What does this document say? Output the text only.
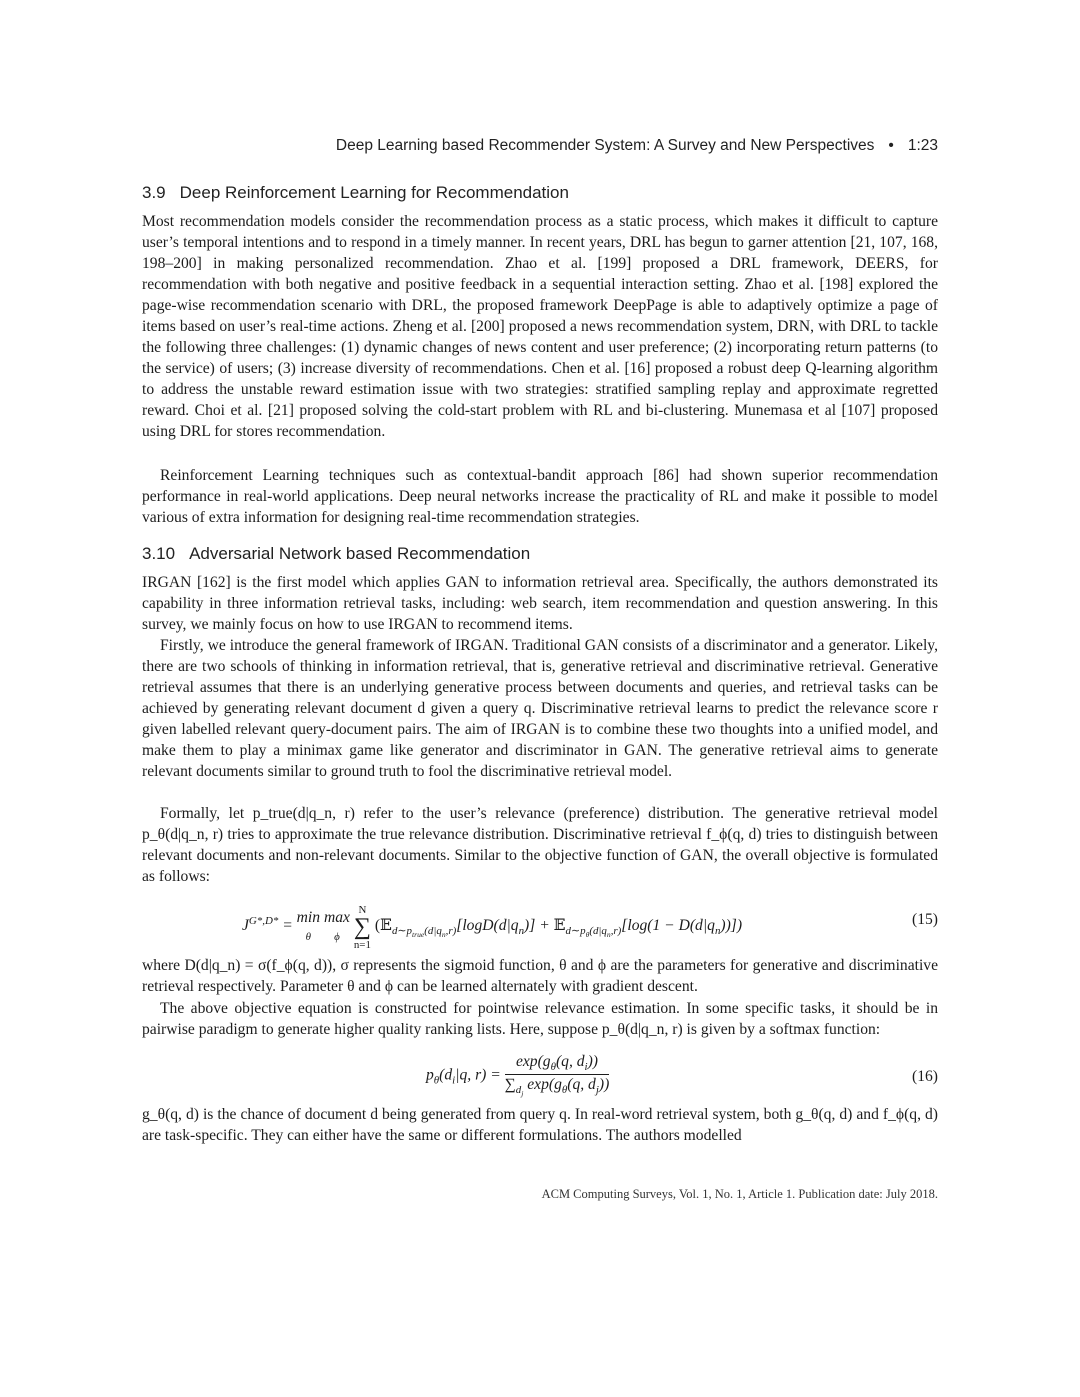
Deep Learning based Recommender System: A Survey and New Perspectives • 1:23
3.9 Deep Reinforcement Learning for Recommendation

Most recommendation models consider the recommendation process as a static process, which makes it difficult to capture user’s temporal intentions and to respond in a timely manner. In recent years, DRL has begun to garner attention [21, 107, 168, 198–200] in making personalized recommendation. Zhao et al. [199] proposed a DRL framework, DEERS, for recommendation with both negative and positive feedback in a sequential interaction setting. Zhao et al. [198] explored the page-wise recommendation scenario with DRL, the proposed framework DeepPage is able to adaptively optimize a page of items based on user’s real-time actions. Zheng et al. [200] proposed a news recommendation system, DRN, with DRL to tackle the following three challenges: (1) dynamic changes of news content and user preference; (2) incorporating return patterns (to the service) of users; (3) increase diversity of recommendations. Chen et al. [16] proposed a robust deep Q-learning algorithm to address the unstable reward estimation issue with two strategies: stratified sampling replay and approximate regretted reward. Choi et al. [21] proposed solving the cold-start problem with RL and bi-clustering. Munemasa et al [107] proposed using DRL for stores recommendation.

Reinforcement Learning techniques such as contextual-bandit approach [86] had shown superior recommendation performance in real-world applications. Deep neural networks increase the practicality of RL and make it possible to model various of extra information for designing real-time recommendation strategies.

3.10 Adversarial Network based Recommendation

IRGAN [162] is the first model which applies GAN to information retrieval area. Specifically, the authors demonstrated its capability in three information retrieval tasks, including: web search, item recommendation and question answering. In this survey, we mainly focus on how to use IRGAN to recommend items.

Firstly, we introduce the general framework of IRGAN. Traditional GAN consists of a discriminator and a generator. Likely, there are two schools of thinking in information retrieval, that is, generative retrieval and discriminative retrieval. Generative retrieval assumes that there is an underlying generative process between documents and queries, and retrieval tasks can be achieved by generating relevant document d given a query q. Discriminative retrieval learns to predict the relevance score r given labelled relevant query-document pairs. The aim of IRGAN is to combine these two thoughts into a unified model, and make them to play a minimax game like generator and discriminator in GAN. The generative retrieval aims to generate relevant documents similar to ground truth to fool the discriminative retrieval model.

Formally, let p_true(d|q_n, r) refer to the user’s relevance (preference) distribution. The generative retrieval model p_θ(d|q_n, r) tries to approximate the true relevance distribution. Discriminative retrieval f_ϕ(q, d) tries to distinguish between relevant documents and non-relevant documents. Similar to the objective function of GAN, the overall objective is formulated as follows:

$J^{G*,D*} = \min$
θ max
ϕ N
∑
n=1 ($𝔼_{d\sim p_{true}(d|q_n,r)}[\log D(d|q_n)]$ + 𝔼$_{d\sim p_\theta(d|q_n,r)}$[log(1 − $D(d|q_n)$)])	(15)

where D(d|q_n) = σ(f_ϕ(q, d)), σ represents the sigmoid function, θ and ϕ are the parameters for generative and discriminative retrieval respectively. Parameter θ and ϕ can be learned alternately with gradient descent.

The above objective equation is constructed for pointwise relevance estimation. In some specific tasks, it should be in pairwise paradigm to generate higher quality ranking lists. Here, suppose p_θ(d|q_n, r) is given by a softmax function:

$p_\theta(d_i|q$, $r) = \frac{\exp(g_\theta(q, d_i))}{\sum_{d_j} \exp(g_\theta(q, d_j))}$	(16)

g_θ(q, d) is the chance of document d being generated from query q. In real-word retrieval system, both g_θ(q, d) and f_ϕ(q, d) are task-specific. They can either have the same or different formulations. The authors modelled

ACM Computing Surveys, Vol. 1, No. 1, Article 1. Publication date: July 2018.
